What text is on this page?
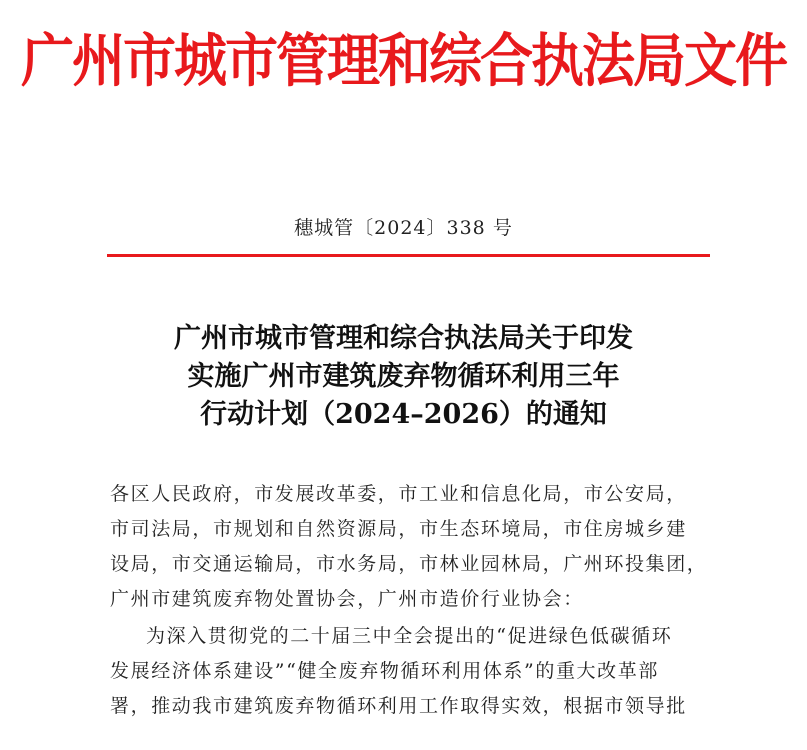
广州市城市管理和综合执法局文件
穗城管〔2024〕338 号
广州市城市管理和综合执法局关于印发
实施广州市建筑废弃物循环利用三年
行动计划（2024–2026）的通知
各区人民政府，市发展改革委，市工业和信息化局，市公安局，
市司法局，市规划和自然资源局，市生态环境局，市住房城乡建
设局，市交通运输局，市水务局，市林业园林局，广州环投集团，
广州市建筑废弃物处置协会，广州市造价行业协会：
为深入贯彻党的二十届三中全会提出的“促进绿色低碳循环
发展经济体系建设”“健全废弃物循环利用体系”的重大改革部
署，推动我市建筑废弃物循环利用工作取得实效，根据市领导批
